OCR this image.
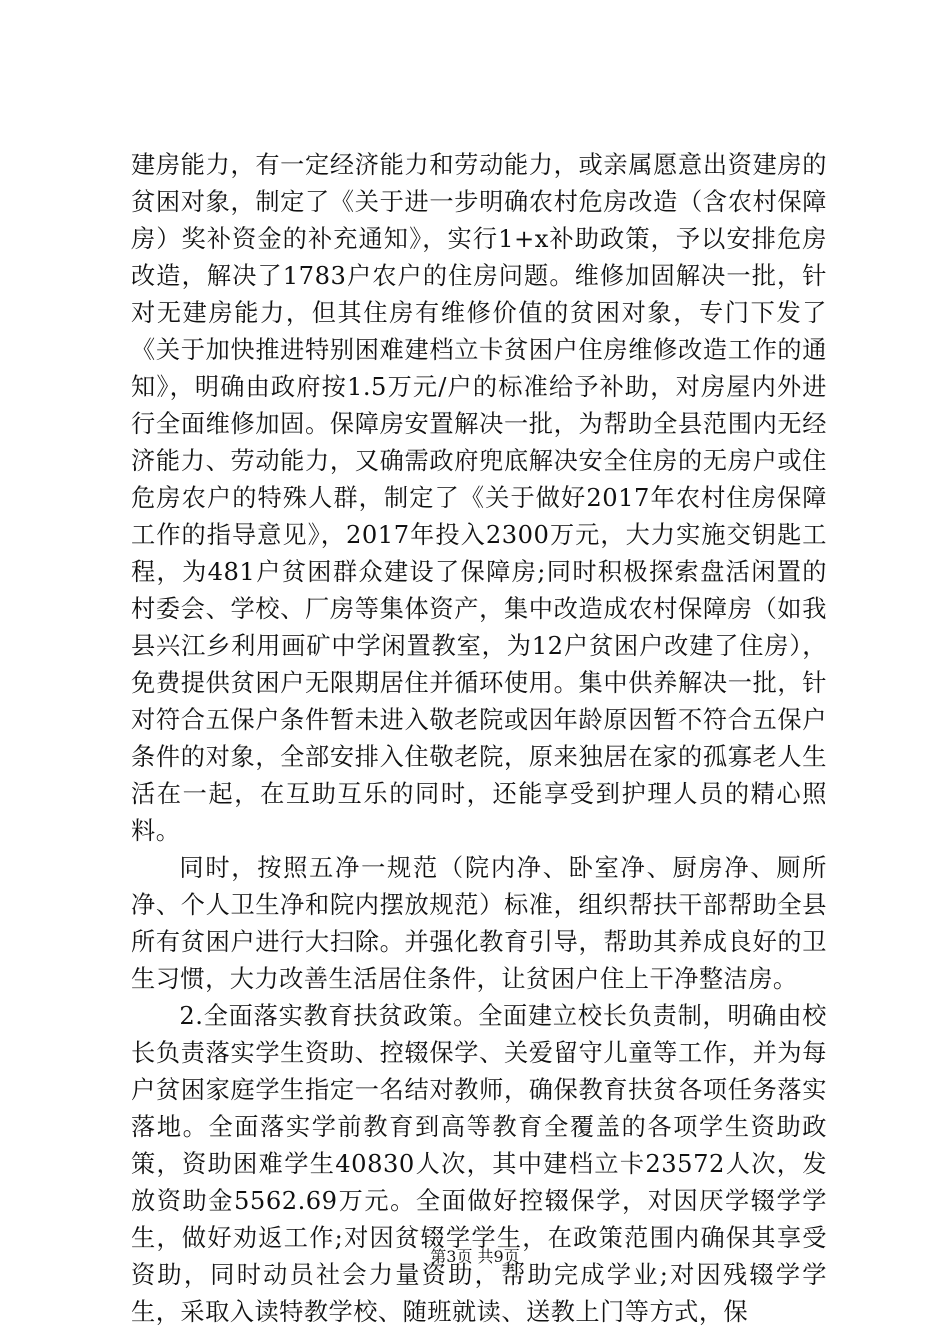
建房能力，有一定经济能力和劳动能力，或亲属愿意出资建房的贫困对象，制定了《关于进一步明确农村危房改造（含农村保障房）奖补资金的补充通知》，实行1+x补助政策，予以安排危房改造，解决了1783户农户的住房问题。维修加固解决一批，针对无建房能力，但其住房有维修价值的贫困对象，专门下发了《关于加快推进特别困难建档立卡贫困户住房维修改造工作的通知》，明确由政府按1.5万元/户的标准给予补助，对房屋内外进行全面维修加固。保障房安置解决一批，为帮助全县范围内无经济能力、劳动能力，又确需政府兜底解决安全住房的无房户或住危房农户的特殊人群，制定了《关于做好2017年农村住房保障工作的指导意见》，2017年投入2300万元，大力实施交钥匙工程，为481户贫困群众建设了保障房;同时积极探索盘活闲置的村委会、学校、厂房等集体资产，集中改造成农村保障房（如我县兴江乡利用画矿中学闲置教室，为12户贫困户改建了住房），免费提供贫困户无限期居住并循环使用。集中供养解决一批，针对符合五保户条件暂未进入敬老院或因年龄原因暂不符合五保户条件的对象，全部安排入住敬老院，原来独居在家的孤寡老人生活在一起，在互助互乐的同时，还能享受到护理人员的精心照料。

同时，按照五净一规范（院内净、卧室净、厨房净、厕所净、个人卫生净和院内摆放规范）标准，组织帮扶干部帮助全县所有贫困户进行大扫除。并强化教育引导，帮助其养成良好的卫生习惯，大力改善生活居住条件，让贫困户住上干净整洁房。

2.全面落实教育扶贫政策。全面建立校长负责制，明确由校长负责落实学生资助、控辍保学、关爱留守儿童等工作，并为每户贫困家庭学生指定一名结对教师，确保教育扶贫各项任务落实落地。全面落实学前教育到高等教育全覆盖的各项学生资助政策，资助困难学生40830人次，其中建档立卡23572人次，发放资助金5562.69万元。全面做好控辍保学，对因厌学辍学学生，做好劝返工作;对因贫辍学学生，在政策范围内确保其享受资助，同时动员社会力量资助，帮助完成学业;对因残辍学学生，采取入读特教学校、随班就读、送教上门等方式，保

第3页 共9页
